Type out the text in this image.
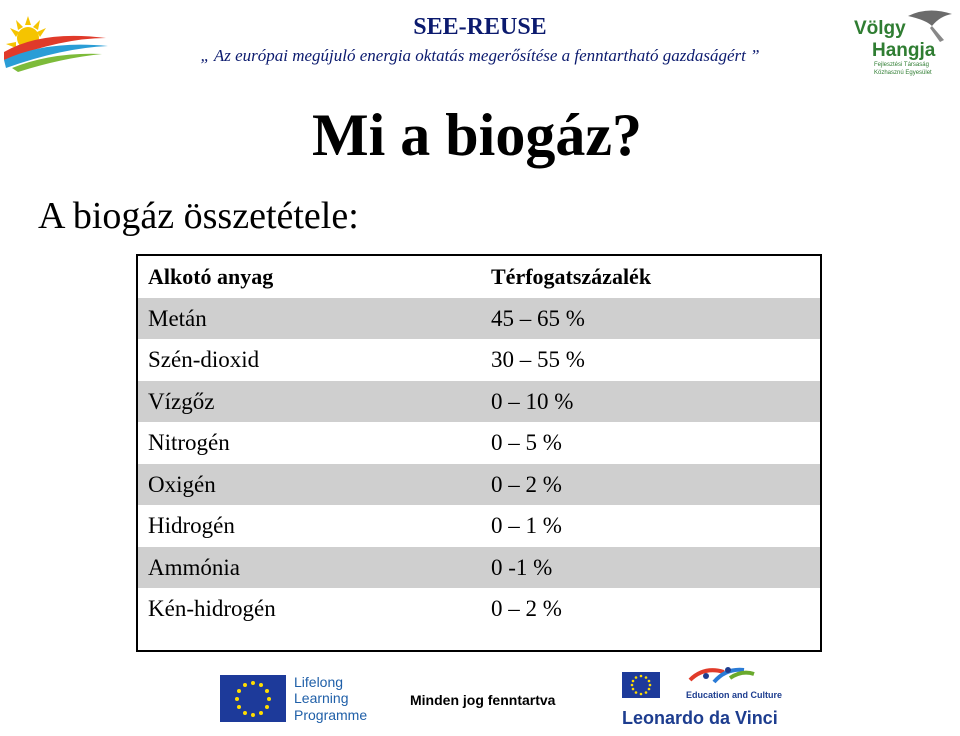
SEE-REUSE
„ Az európai megújuló energia oktatás megerősítése a fenntartható gazdaságért ”
Völgy
Hangja
Fejlesztési Társaság
Közhasznú Egyesület
Mi a biogáz?
A biogáz összetétele:
Alkotó anyag	Térfogatszázalék
Metán	45 – 65 %
Szén-dioxid	30 – 55 %
Vízgőz	0 – 10 %
Nitrogén	0 – 5 %
Oxigén	0 – 2 %
Hidrogén	0 – 1 %
Ammónia	0 -1 %
Kén-hidrogén	0 – 2 %
Lifelong
Learning
Programme
Minden jog fenntartva	Education and Culture
Leonardo da Vinci
